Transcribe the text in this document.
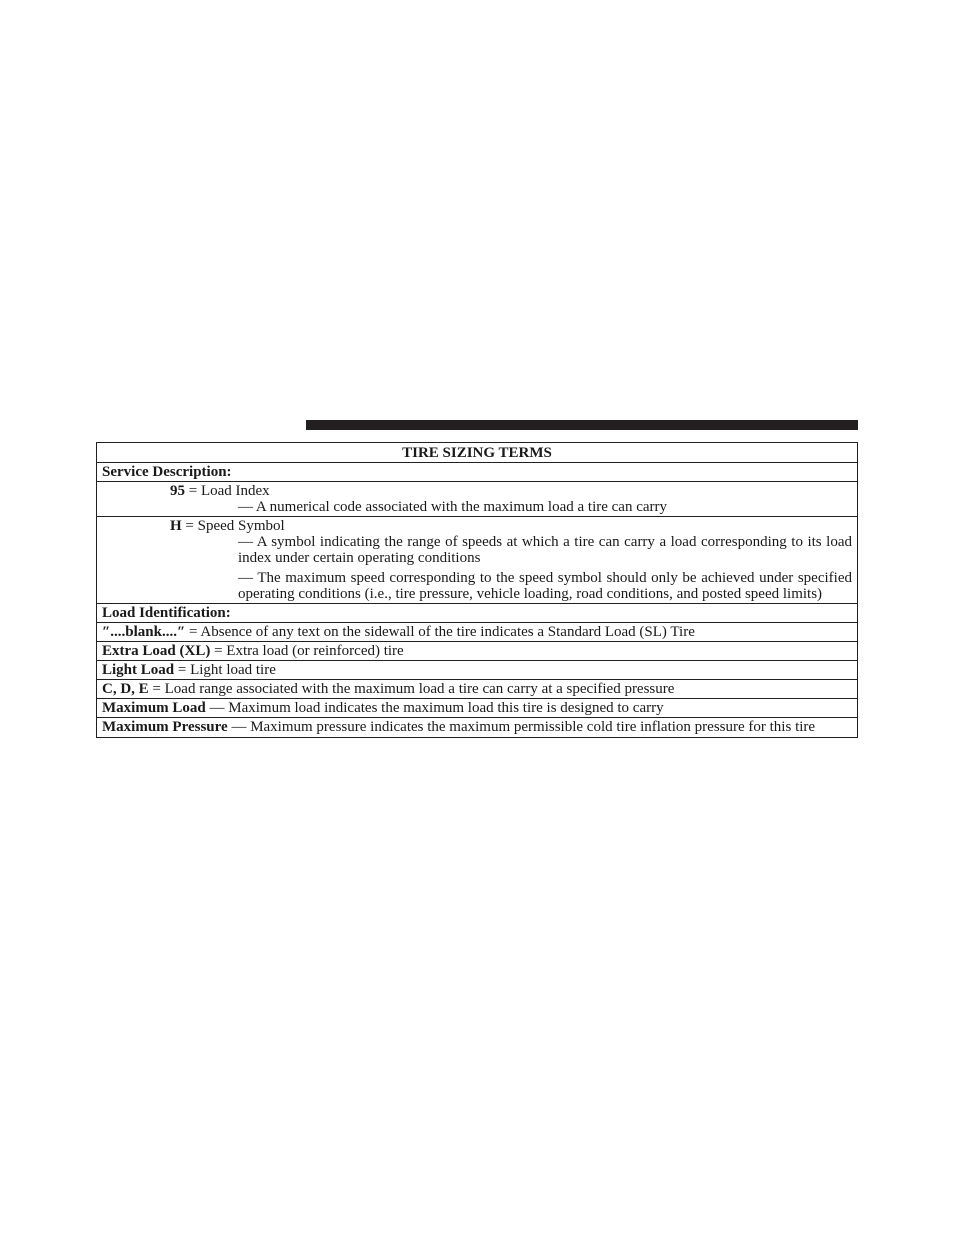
TIRE SIZING TERMS
Service Description:

95 = Load Index
— A numerical code associated with the maximum load a tire can carry

H = Speed Symbol
— A symbol indicating the range of speeds at which a tire can carry a load corresponding to its load index under certain operating conditions
— The maximum speed corresponding to the speed symbol should only be achieved under specified operating conditions (i.e., tire pressure, vehicle loading, road conditions, and posted speed limits)

Load Identification:
″....blank....″ = Absence of any text on the sidewall of the tire indicates a Standard Load (SL) Tire
Extra Load (XL) = Extra load (or reinforced) tire
Light Load = Light load tire
C, D, E = Load range associated with the maximum load a tire can carry at a specified pressure
Maximum Load — Maximum load indicates the maximum load this tire is designed to carry
Maximum Pressure — Maximum pressure indicates the maximum permissible cold tire inflation pressure for this tire
